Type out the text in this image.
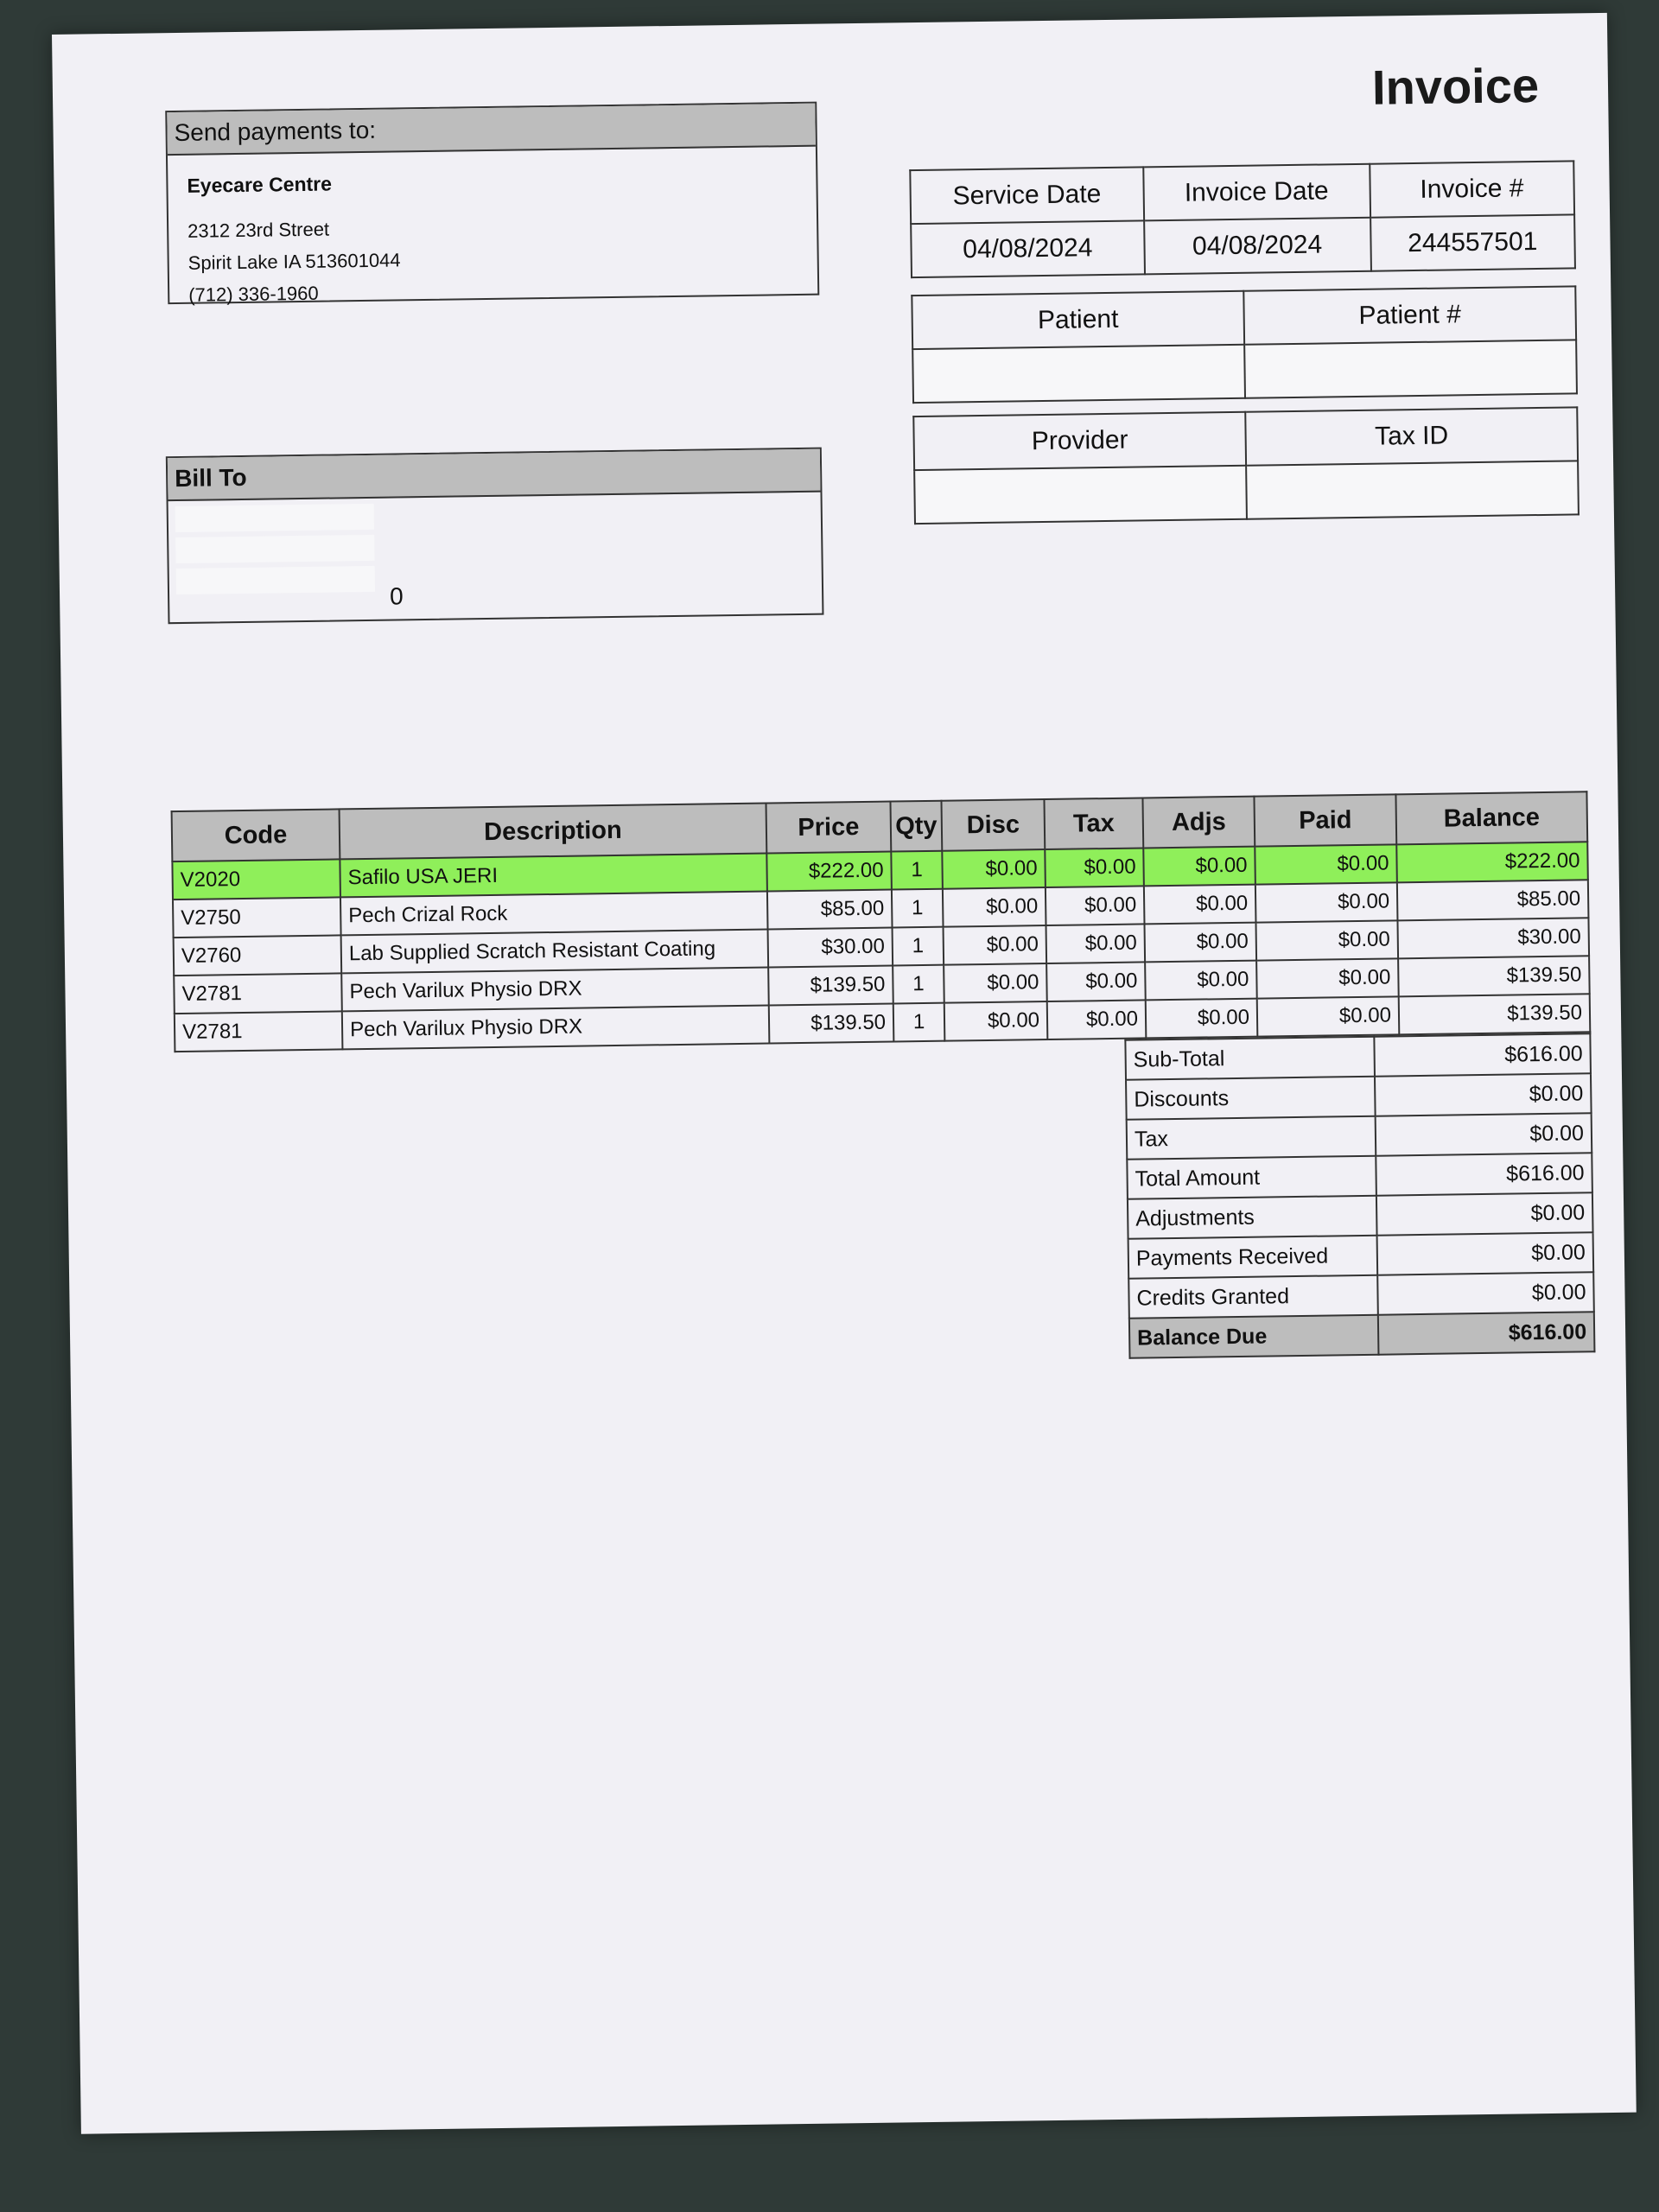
Invoice
Send payments to:
Eyecare Centre
2312 23rd Street
Spirit Lake IA 513601044
(712) 336-1960
Bill To
0
Service Date	Invoice Date	Invoice #
04/08/2024	04/08/2024	244557501
Patient	Patient #

Provider	Tax ID

Code	Description	Price	Qty	Disc	Tax	Adjs	Paid	Balance
V2020	Safilo USA JERI	$222.00	1	$0.00	$0.00	$0.00	$0.00	$222.00
V2750	Pech Crizal Rock	$85.00	1	$0.00	$0.00	$0.00	$0.00	$85.00
V2760	Lab Supplied Scratch Resistant Coating	$30.00	1	$0.00	$0.00	$0.00	$0.00	$30.00
V2781	Pech Varilux Physio DRX	$139.50	1	$0.00	$0.00	$0.00	$0.00	$139.50
V2781	Pech Varilux Physio DRX	$139.50	1	$0.00	$0.00	$0.00	$0.00	$139.50
Sub-Total	$616.00
Discounts	$0.00
Tax	$0.00
Total Amount	$616.00
Adjustments	$0.00
Payments Received	$0.00
Credits Granted	$0.00
Balance Due	$616.00
